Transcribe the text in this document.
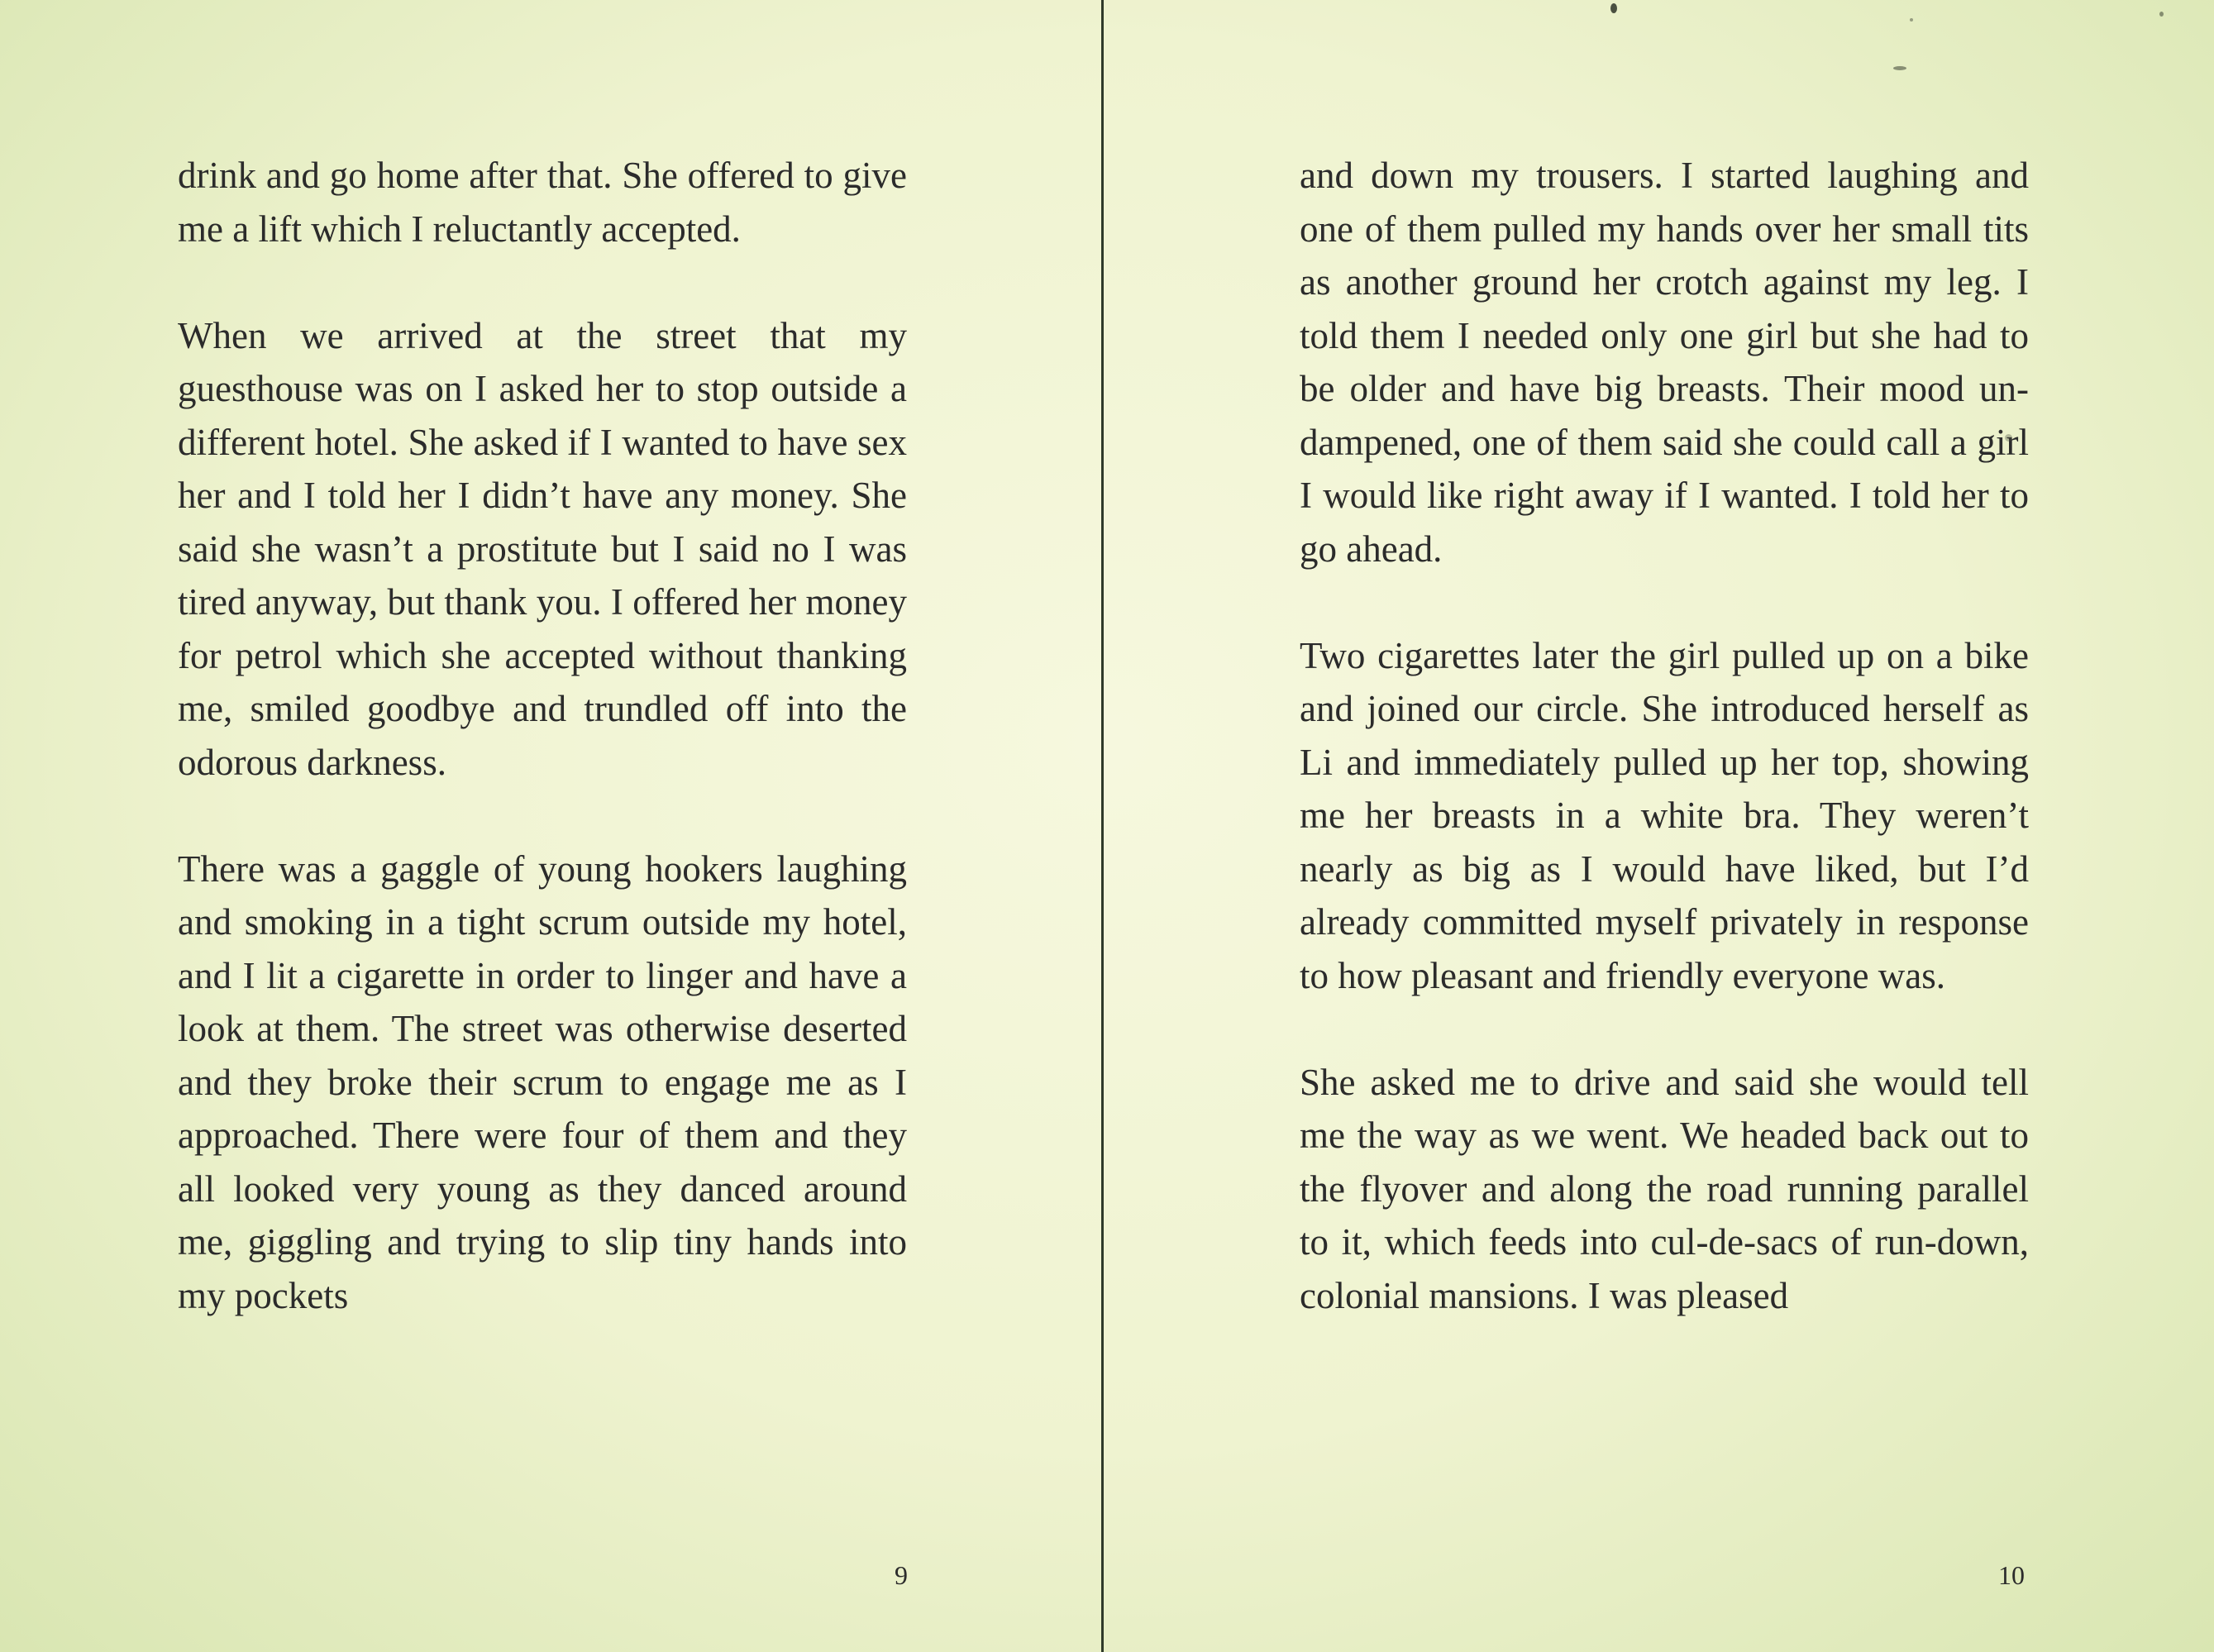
drink and go home after that. She offered to give me a lift which I reluctantly accepted.

When we arrived at the street that my guesthouse was on I asked her to stop outside a different hotel. She asked if I wanted to have sex her and I told her I didn’t have any money. She said she wasn’t a prostitute but I said no I was tired anyway, but thank you. I offered her money for petrol which she accepted without thanking me, smiled goodbye and trundled off into the odorous darkness.

There was a gaggle of young hookers laughing and smoking in a tight scrum outside my hotel, and I lit a cigarette in order to linger and have a look at them. The street was otherwise deserted and they broke their scrum to engage me as I approached. There were four of them and they all looked very young as they danced around me, giggling and trying to slip tiny hands into my pockets

9

and down my trousers. I started laughing and one of them pulled my hands over her small tits as another ground her crotch against my leg. I told them I needed only one girl but she had to be older and have big breasts. Their mood un-dampened, one of them said she could call a girl I would like right away if I wanted. I told her to go ahead.

Two cigarettes later the girl pulled up on a bike and joined our circle. She introduced herself as Li and immediately pulled up her top, showing me her breasts in a white bra. They weren’t nearly as big as I would have liked, but I’d already committed myself privately in response to how pleasant and friendly everyone was.

She asked me to drive and said she would tell me the way as we went. We headed back out to the flyover and along the road running parallel to it, which feeds into cul-de-sacs of run-down, colonial mansions. I was pleased

10
